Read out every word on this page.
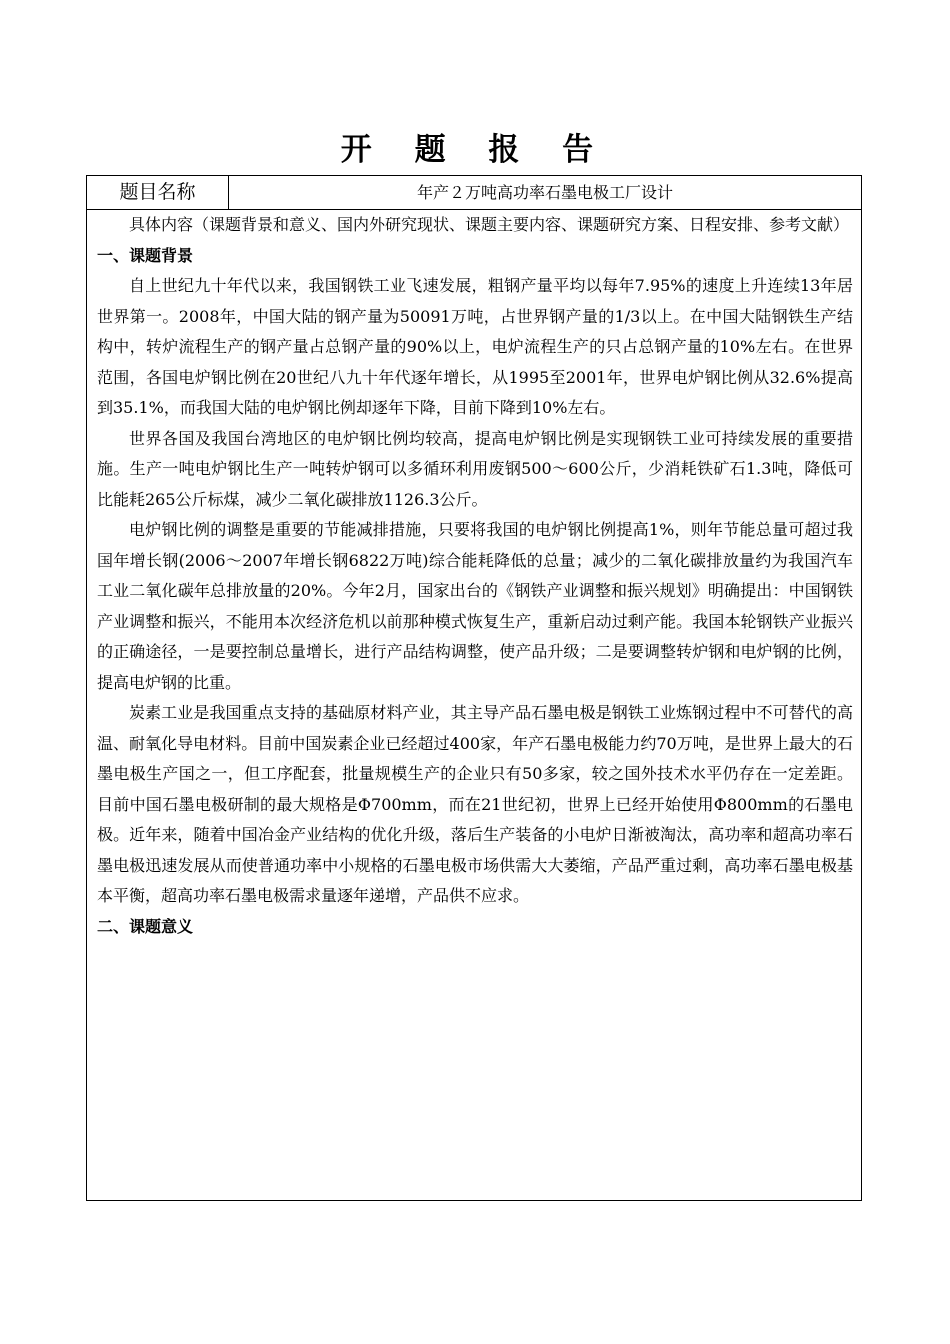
开 题 报 告
题目名称	年产２万吨高功率石墨电极工厂设计

具体内容（课题背景和意义、国内外研究现状、课题主要内容、课题研究方案、日程安排、参考文献）

一、课题背景

自上世纪九十年代以来，我国钢铁工业飞速发展，粗钢产量平均以每年7.95%的速度上升连续13年居世界第一。2008年，中国大陆的钢产量为50091万吨，占世界钢产量的1/3以上。在中国大陆钢铁生产结构中，转炉流程生产的钢产量占总钢产量的90%以上，电炉流程生产的只占总钢产量的10%左右。在世界范围，各国电炉钢比例在20世纪八九十年代逐年增长，从1995至2001年，世界电炉钢比例从32.6%提高到35.1%，而我国大陆的电炉钢比例却逐年下降，目前下降到10%左右。

世界各国及我国台湾地区的电炉钢比例均较高，提高电炉钢比例是实现钢铁工业可持续发展的重要措施。生产一吨电炉钢比生产一吨转炉钢可以多循环利用废钢500～600公斤，少消耗铁矿石1.3吨，降低可比能耗265公斤标煤，减少二氧化碳排放1126.3公斤。

电炉钢比例的调整是重要的节能减排措施，只要将我国的电炉钢比例提高1%，则年节能总量可超过我国年增长钢(2006～2007年增长钢6822万吨)综合能耗降低的总量；减少的二氧化碳排放量约为我国汽车工业二氧化碳年总排放量的20%。今年2月，国家出台的《钢铁产业调整和振兴规划》明确提出：中国钢铁产业调整和振兴，不能用本次经济危机以前那种模式恢复生产，重新启动过剩产能。我国本轮钢铁产业振兴的正确途径，一是要控制总量增长，进行产品结构调整，使产品升级；二是要调整转炉钢和电炉钢的比例，提高电炉钢的比重。

炭素工业是我国重点支持的基础原材料产业，其主导产品石墨电极是钢铁工业炼钢过程中不可替代的高温、耐氧化导电材料。目前中国炭素企业已经超过400家，年产石墨电极能力约70万吨，是世界上最大的石墨电极生产国之一，但工序配套，批量规模生产的企业只有50多家，较之国外技术水平仍存在一定差距。目前中国石墨电极研制的最大规格是Φ700mm，而在21世纪初，世界上已经开始使用Φ800mm的石墨电极。近年来，随着中国冶金产业结构的优化升级，落后生产装备的小电炉日渐被淘汰，高功率和超高功率石墨电极迅速发展从而使普通功率中小规格的石墨电极市场供需大大萎缩，产品严重过剩，高功率石墨电极基本平衡，超高功率石墨电极需求量逐年递增，产品供不应求。

二、课题意义
